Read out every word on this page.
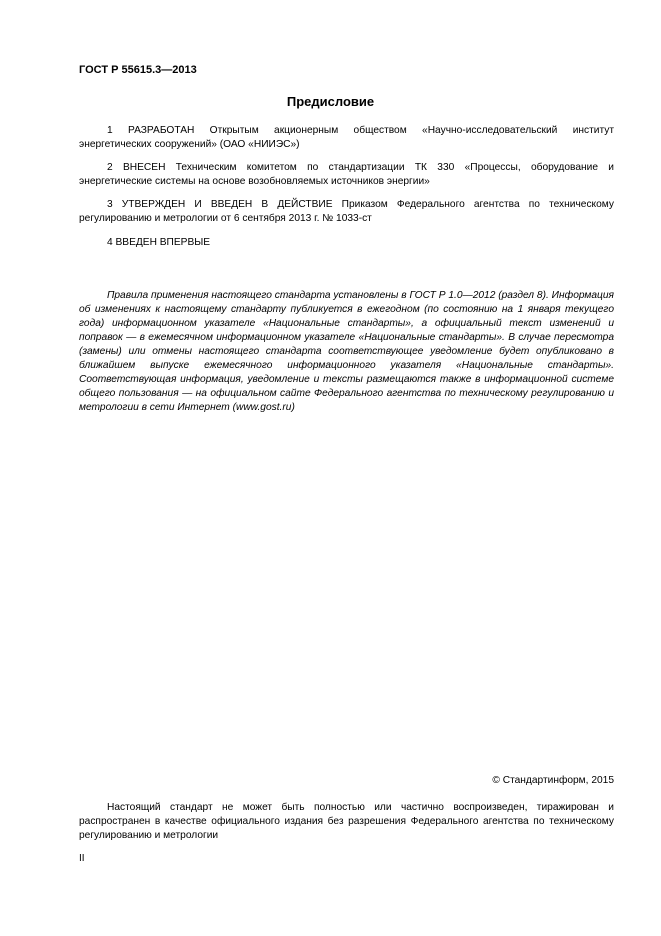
ГОСТ Р 55615.3—2013
Предисловие
1 РАЗРАБОТАН Открытым акционерным обществом «Научно-исследовательский институт энергетических сооружений» (ОАО «НИИЭС»)
2 ВНЕСЕН Техническим комитетом по стандартизации ТК 330 «Процессы, оборудование и энергетические системы на основе возобновляемых источников энергии»
3 УТВЕРЖДЕН И ВВЕДЕН В ДЕЙСТВИЕ Приказом Федерального агентства по техническому регулированию и метрологии от 6 сентября 2013 г. № 1033-ст
4 ВВЕДЕН ВПЕРВЫЕ
Правила применения настоящего стандарта установлены в ГОСТ Р 1.0—2012 (раздел 8). Информация об изменениях к настоящему стандарту публикуется в ежегодном (по состоянию на 1 января текущего года) информационном указателе «Национальные стандарты», а официальный текст изменений и поправок — в ежемесячном информационном указателе «Национальные стандарты». В случае пересмотра (замены) или отмены настоящего стандарта соответствующее уведомление будет опубликовано в ближайшем выпуске ежемесячного информационного указателя «Национальные стандарты». Соответствующая информация, уведомление и тексты размещаются также в информационной системе общего пользования — на официальном сайте Федерального агентства по техническому регулированию и метрологии в сети Интернет (www.gost.ru)
© Стандартинформ, 2015
Настоящий стандарт не может быть полностью или частично воспроизведен, тиражирован и распространен в качестве официального издания без разрешения Федерального агентства по техническому регулированию и метрологии
II
